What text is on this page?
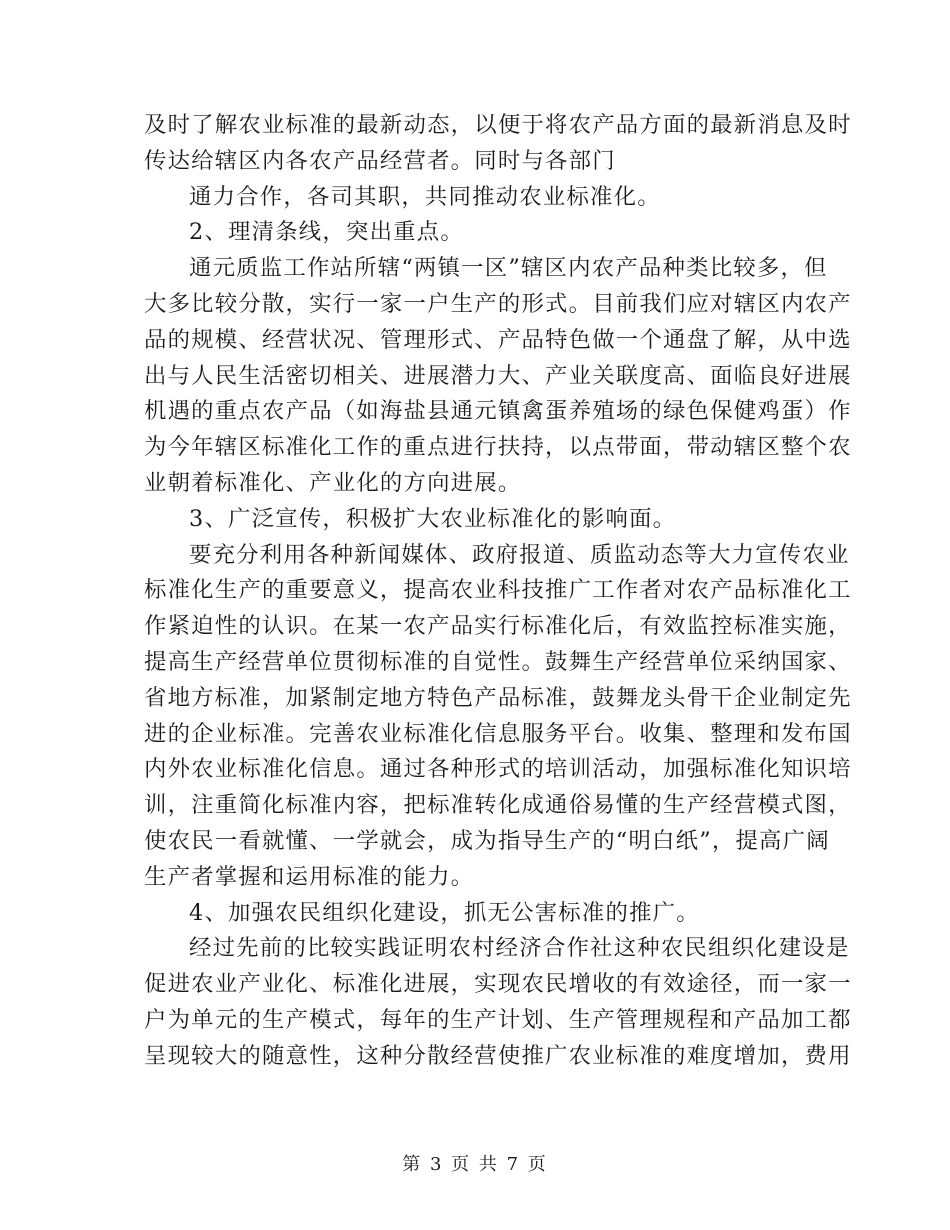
及时了解农业标准的最新动态，以便于将农产品方面的最新消息及时
传达给辖区内各农产品经营者。同时与各部门
通力合作，各司其职，共同推动农业标准化。
2、理清条线，突出重点。
通元质监工作站所辖“两镇一区”辖区内农产品种类比较多，但
大多比较分散，实行一家一户生产的形式。目前我们应对辖区内农产
品的规模、经营状况、管理形式、产品特色做一个通盘了解，从中选
出与人民生活密切相关、进展潜力大、产业关联度高、面临良好进展
机遇的重点农产品（如海盐县通元镇禽蛋养殖场的绿色保健鸡蛋）作
为今年辖区标准化工作的重点进行扶持，以点带面，带动辖区整个农
业朝着标准化、产业化的方向进展。
3、广泛宣传，积极扩大农业标准化的影响面。
要充分利用各种新闻媒体、政府报道、质监动态等大力宣传农业
标准化生产的重要意义，提高农业科技推广工作者对农产品标准化工
作紧迫性的认识。在某一农产品实行标准化后，有效监控标准实施，
提高生产经营单位贯彻标准的自觉性。鼓舞生产经营单位采纳国家、
省地方标准，加紧制定地方特色产品标准，鼓舞龙头骨干企业制定先
进的企业标准。完善农业标准化信息服务平台。收集、整理和发布国
内外农业标准化信息。通过各种形式的培训活动，加强标准化知识培
训，注重简化标准内容，把标准转化成通俗易懂的生产经营模式图，
使农民一看就懂、一学就会，成为指导生产的“明白纸”，提高广阔
生产者掌握和运用标准的能力。
4、加强农民组织化建设，抓无公害标准的推广。
经过先前的比较实践证明农村经济合作社这种农民组织化建设是
促进农业产业化、标准化进展，实现农民增收的有效途径，而一家一
户为单元的生产模式，每年的生产计划、生产管理规程和产品加工都
呈现较大的随意性，这种分散经营使推广农业标准的难度增加，费用
第 3 页 共 7 页
